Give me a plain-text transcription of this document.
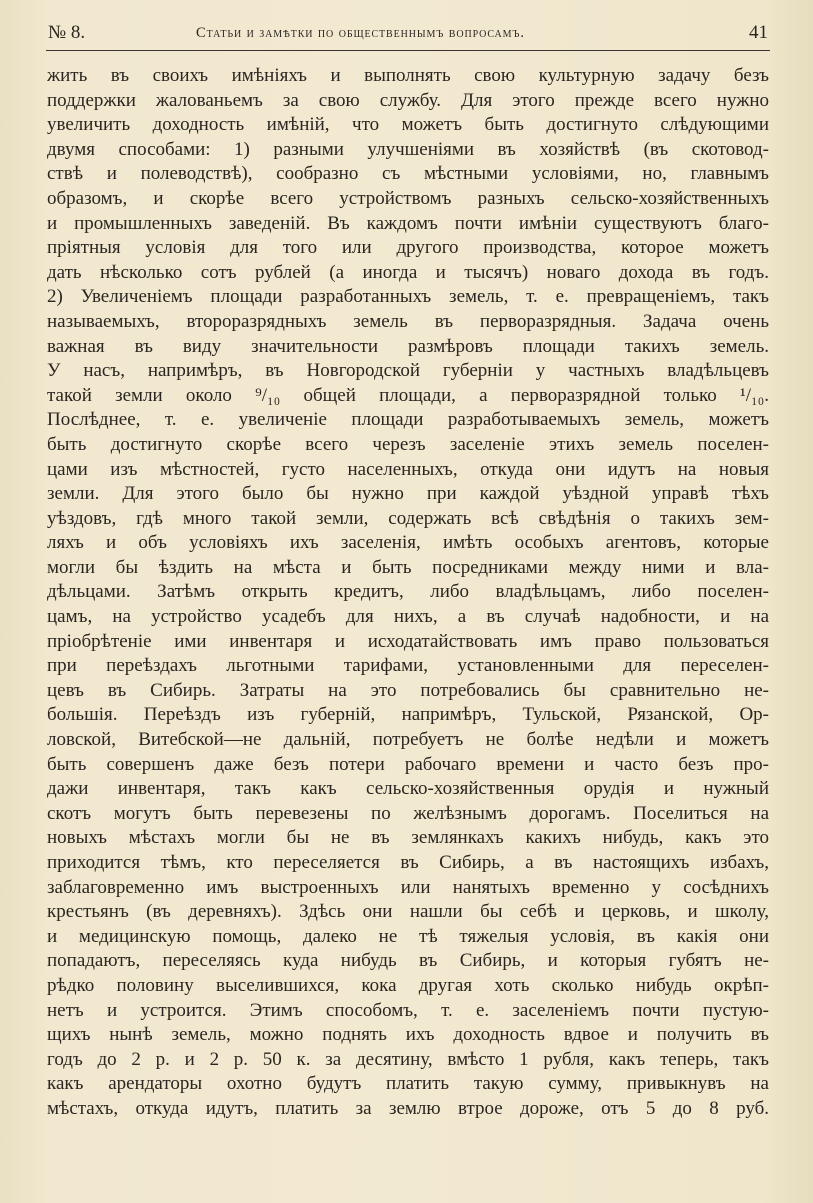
№ 8.	Статьи и замѣтки по общественнымъ вопросамъ.	41
жить въ своихъ имѣніяхъ и выполнять свою культурную задачу безъ
поддержки жалованьемъ за свою службу. Для этого прежде всего нужно
увеличить доходность имѣній, что можетъ быть достигнуто слѣдующими
двумя способами: 1) разными улучшеніями въ хозяйствѣ (въ скотовод-
ствѣ и полеводствѣ), сообразно съ мѣстными условіями, но, главнымъ
образомъ, и скорѣе всего устройствомъ разныхъ сельско-хозяйственныхъ
и промышленныхъ заведеній. Въ каждомъ почти имѣніи существуютъ благо-
пріятныя условія для того или другого производства, которое можетъ
дать нѣсколько сотъ рублей (а иногда и тысячъ) новаго дохода въ годъ.
2) Увеличеніемъ площади разработанныхъ земель, т. е. превращеніемъ, такъ
называемыхъ, второразрядныхъ земель въ перворазрядныя. Задача очень
важная въ виду значительности размѣровъ площади такихъ земель.
У насъ, напримѣръ, въ Новгородской губерніи у частныхъ владѣльцевъ
такой земли около ⁹/₁₀ общей площади, а перворазрядной только ¹/₁₀.
Послѣднее, т. е. увеличеніе площади разработываемыхъ земель, можетъ
быть достигнуто скорѣе всего черезъ заселеніе этихъ земель поселен-
цами изъ мѣстностей, густо населенныхъ, откуда они идутъ на новыя
земли. Для этого было бы нужно при каждой уѣздной управѣ тѣхъ
уѣздовъ, гдѣ много такой земли, содержать всѣ свѣдѣнія о такихъ зем-
ляхъ и объ условіяхъ ихъ заселенія, имѣть особыхъ агентовъ, которые
могли бы ѣздить на мѣста и быть посредниками между ними и вла-
дѣльцами. Затѣмъ открыть кредитъ, либо владѣльцамъ, либо поселен-
цамъ, на устройство усадебъ для нихъ, а въ случаѣ надобности, и на
пріобрѣтеніе ими инвентаря и исходатайствовать имъ право пользоваться
при переѣздахъ льготными тарифами, установленными для переселен-
цевъ въ Сибирь. Затраты на это потребовались бы сравнительно не-
большія. Переѣздъ изъ губерній, напримѣръ, Тульской, Рязанской, Ор-
ловской, Витебской—не дальній, потребуетъ не болѣе недѣли и можетъ
быть совершенъ даже безъ потери рабочаго времени и часто безъ про-
дажи инвентаря, такъ какъ сельско-хозяйственныя орудія и нужный
скотъ могутъ быть перевезены по желѣзнымъ дорогамъ. Поселиться на
новыхъ мѣстахъ могли бы не въ землянкахъ какихъ нибудь, какъ это
приходится тѣмъ, кто переселяется въ Сибирь, а въ настоящихъ избахъ,
заблаговременно имъ выстроенныхъ или нанятыхъ временно у сосѣднихъ
крестьянъ (въ деревняхъ). Здѣсь они нашли бы себѣ и церковь, и школу,
и медицинскую помощь, далеко не тѣ тяжелыя условія, въ какія они
попадаютъ, переселяясь куда нибудь въ Сибирь, и которыя губятъ не-
рѣдко половину выселившихся, кока другая хоть сколько нибудь окрѣп-
нетъ и устроится. Этимъ способомъ, т. е. заселеніемъ почти пустую-
щихъ нынѣ земель, можно поднять ихъ доходность вдвое и получить въ
годъ до 2 р. и 2 р. 50 к. за десятину, вмѣсто 1 рубля, какъ теперь, такъ
какъ арендаторы охотно будутъ платить такую сумму, привыкнувъ на
мѣстахъ, откуда идутъ, платить за землю втрое дороже, отъ 5 до 8 руб.
